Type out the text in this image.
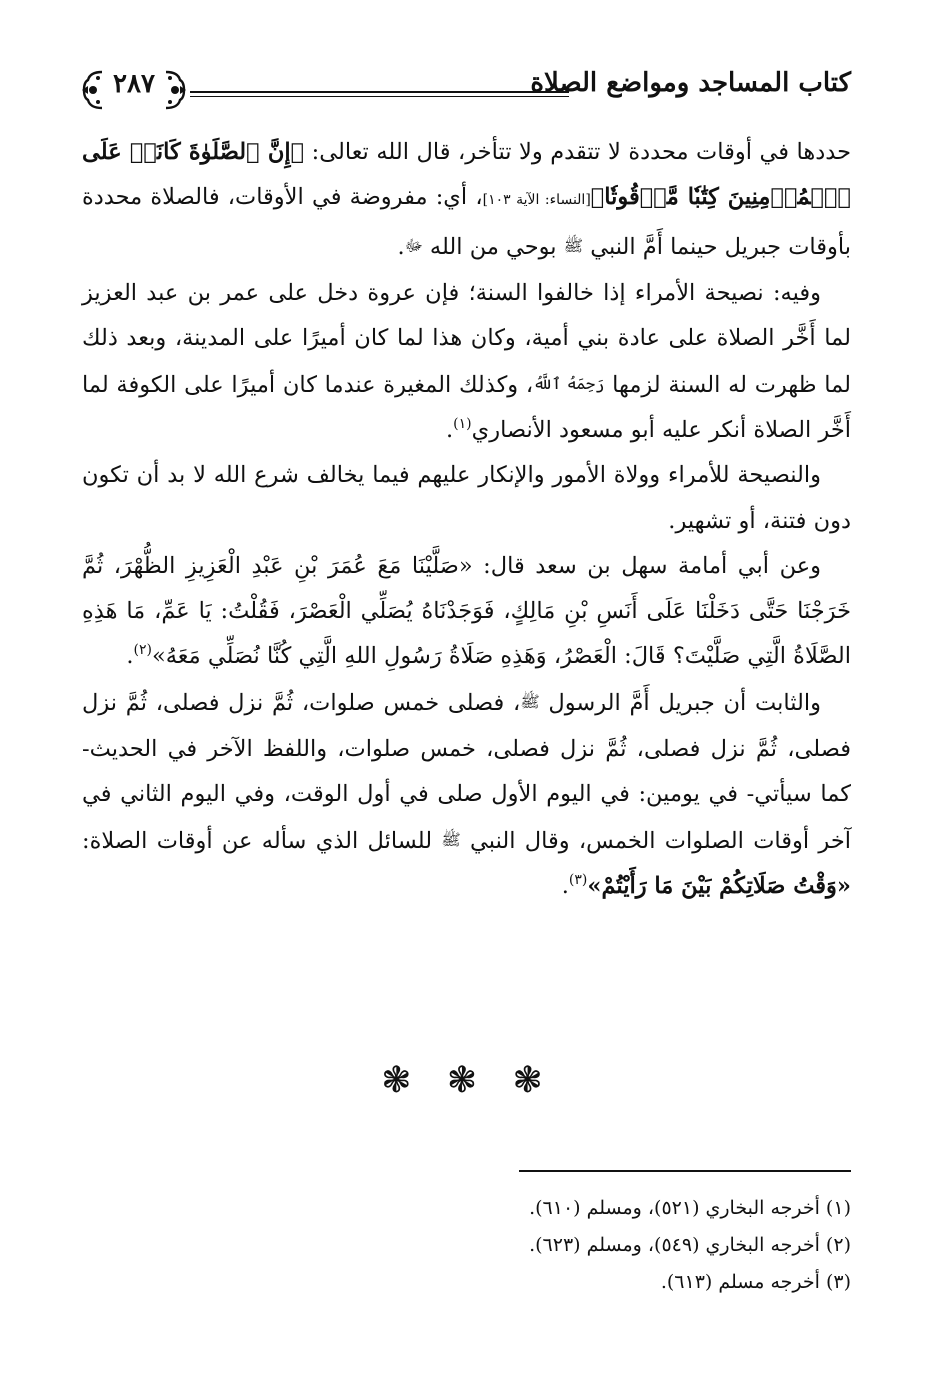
كتاب المساجد ومواضع الصلاة
٢٨٧

حددها في أوقات محددة لا تتقدم ولا تتأخر، قال الله تعالى: ﴿إِنَّ ٱلصَّلَوٰةَ كَانَتۡ عَلَى ٱلۡمُؤۡمِنِينَ كِتَٰبٗا مَّوۡقُوتٗا﴾[النساء: الآية ١٠٣]، أي: مفروضة في الأوقات، فالصلاة محددة بأوقات جبريل حينما أَمَّ النبي ﷺ بوحي من الله ﷻ.

وفيه: نصيحة الأمراء إذا خالفوا السنة؛ فإن عروة دخل على عمر بن عبد العزيز لما أَخَّر الصلاة على عادة بني أمية، وكان هذا لما كان أميرًا على المدينة، وبعد ذلك لما ظهرت له السنة لزمها رَحِمَهُ ٱللَّهُ، وكذلك المغيرة عندما كان أميرًا على الكوفة لما أَخَّر الصلاة أنكر عليه أبو مسعود الأنصاري$^{(١)}$.

والنصيحة للأمراء وولاة الأمور والإنكار عليهم فيما يخالف شرع الله لا بد أن تكون دون فتنة، أو تشهير.

وعن أبي أمامة سهل بن سعد قال: «صَلَّيْنَا مَعَ عُمَرَ بْنِ عَبْدِ الْعَزِيزِ الظُّهْرَ، ثُمَّ خَرَجْنَا حَتَّى دَخَلْنَا عَلَى أَنَسِ بْنِ مَالِكٍ، فَوَجَدْنَاهُ يُصَلِّي الْعَصْرَ، فَقُلْتُ: يَا عَمِّ، مَا هَذِهِ الصَّلَاةُ الَّتِي صَلَّيْتَ؟ قَالَ: الْعَصْرُ، وَهَذِهِ صَلَاةُ رَسُولِ اللهِ الَّتِي كُنَّا نُصَلِّي مَعَهُ»$^{(٢)}$.

والثابت أن جبريل أَمَّ الرسول ﷺ، فصلى خمس صلوات، ثُمَّ نزل فصلى، ثُمَّ نزل فصلى، ثُمَّ نزل فصلى، ثُمَّ نزل فصلى، خمس صلوات، واللفظ الآخر في الحديث- كما سيأتي- في يومين: في اليوم الأول صلى في أول الوقت، وفي اليوم الثاني في آخر أوقات الصلوات الخمس، وقال النبي ﷺ للسائل الذي سأله عن أوقات الصلاة: «وَقْتُ صَلَاتِكُمْ بَيْنَ مَا رَأَيْتُمْ»$^{(٣)}$.

❃ ❃ ❃

(١) أخرجه البخاري (٥٢١)، ومسلم (٦١٠).

(٢) أخرجه البخاري (٥٤٩)، ومسلم (٦٢٣).

(٣) أخرجه مسلم (٦١٣).
